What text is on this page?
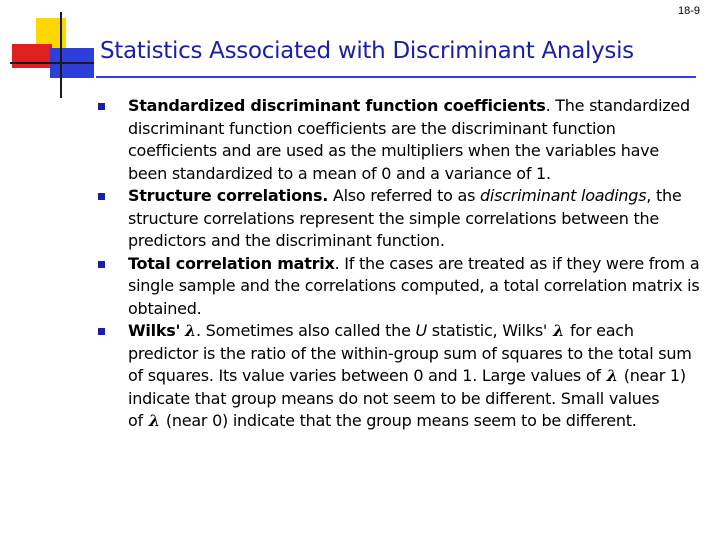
18-9
Statistics Associated with Discriminant Analysis
Standardized discriminant function coefficients. The standardized discriminant function coefficients are the discriminant function coefficients and are used as the multipliers when the variables have been standardized to a mean of 0 and a variance of 1.
Structure correlations. Also referred to as discriminant loadings, the structure correlations represent the simple correlations between the predictors and the discriminant function.
Total correlation matrix. If the cases are treated as if they were from a single sample and the correlations computed, a total correlation matrix is obtained.
Wilks' λ. Sometimes also called the U statistic, Wilks' λ for each predictor is the ratio of the within-group sum of squares to the total sum of squares. Its value varies between 0 and 1. Large values of λ (near 1) indicate that group means do not seem to be different. Small values of λ (near 0) indicate that the group means seem to be different.
